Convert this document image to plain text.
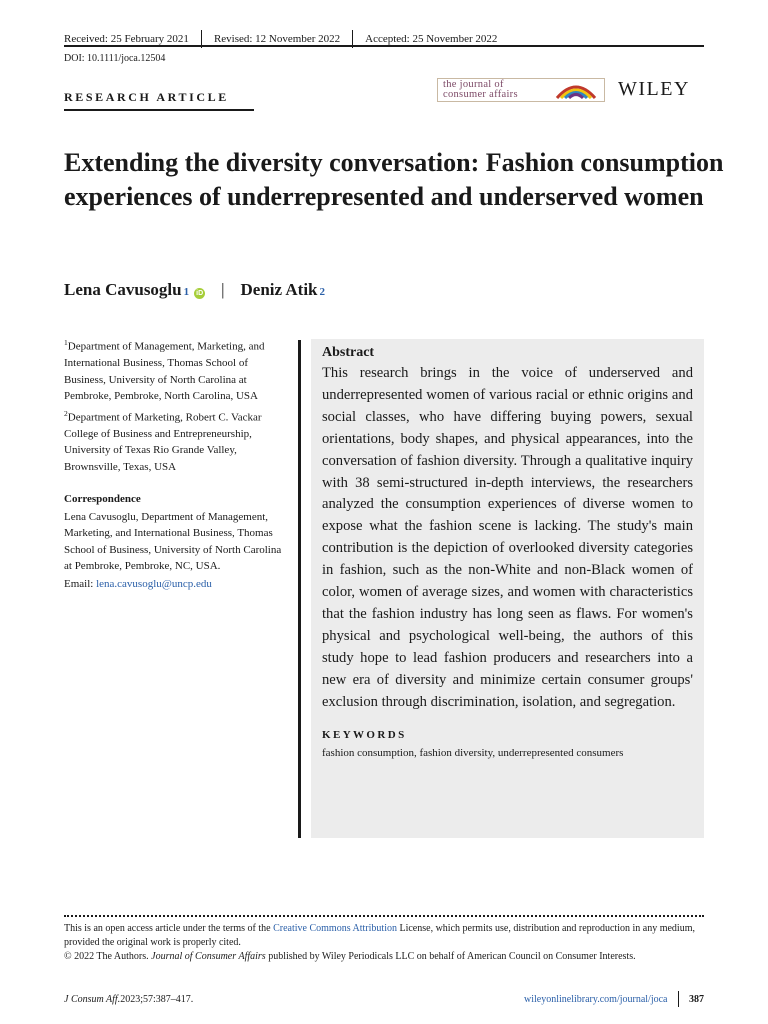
Received: 25 February 2021	Revised: 12 November 2022	Accepted: 25 November 2022
DOI: 10.1111/joca.12504
RESEARCH ARTICLE
the journal of
consumer affairs	WILEY
Extending the diversity conversation: Fashion consumption experiences of underrepresented and underserved women
Lena Cavusoglu 1 iD | Deniz Atik 2

$^1$Department of Management, Marketing, and International Business, Thomas School of Business, University of North Carolina at Pembroke, Pembroke, North Carolina, USA

$^2$Department of Marketing, Robert C. Vackar College of Business and Entrepreneurship, University of Texas Rio Grande Valley, Brownsville, Texas, USA

Correspondence

Lena Cavusoglu, Department of Management, Marketing, and International Business, Thomas School of Business, University of North Carolina at Pembroke, Pembroke, NC, USA.

Email: lena.cavusoglu@uncp.edu

Abstract

This research brings in the voice of underserved and underrepresented women of various racial or ethnic origins and social classes, who have differing buying powers, sexual orientations, body shapes, and physical appearances, into the conversation of fashion diversity. Through a qualitative inquiry with 38 semi-structured in-depth interviews, the researchers analyzed the consumption experiences of diverse women to expose what the fashion scene is lacking. The study's main contribution is the depiction of overlooked diversity categories in fashion, such as the non-White and non-Black women of color, women of average sizes, and women with characteristics that the fashion industry has long seen as flaws. For women's physical and psychological well-being, the authors of this study hope to lead fashion producers and researchers into a new era of diversity and minimize certain consumer groups' exclusion through discrimination, isolation, and segregation.

KEYWORDS

fashion consumption, fashion diversity, underrepresented consumers

This is an open access article under the terms of the Creative Commons Attribution License, which permits use, distribution and reproduction in any medium, provided the original work is properly cited.

© 2022 The Authors. Journal of Consumer Affairs published by Wiley Periodicals LLC on behalf of American Council on Consumer Interests.

J Consum Aff. 2023;57:387–417.	wileyonlinelibrary.com/journal/joca 387
